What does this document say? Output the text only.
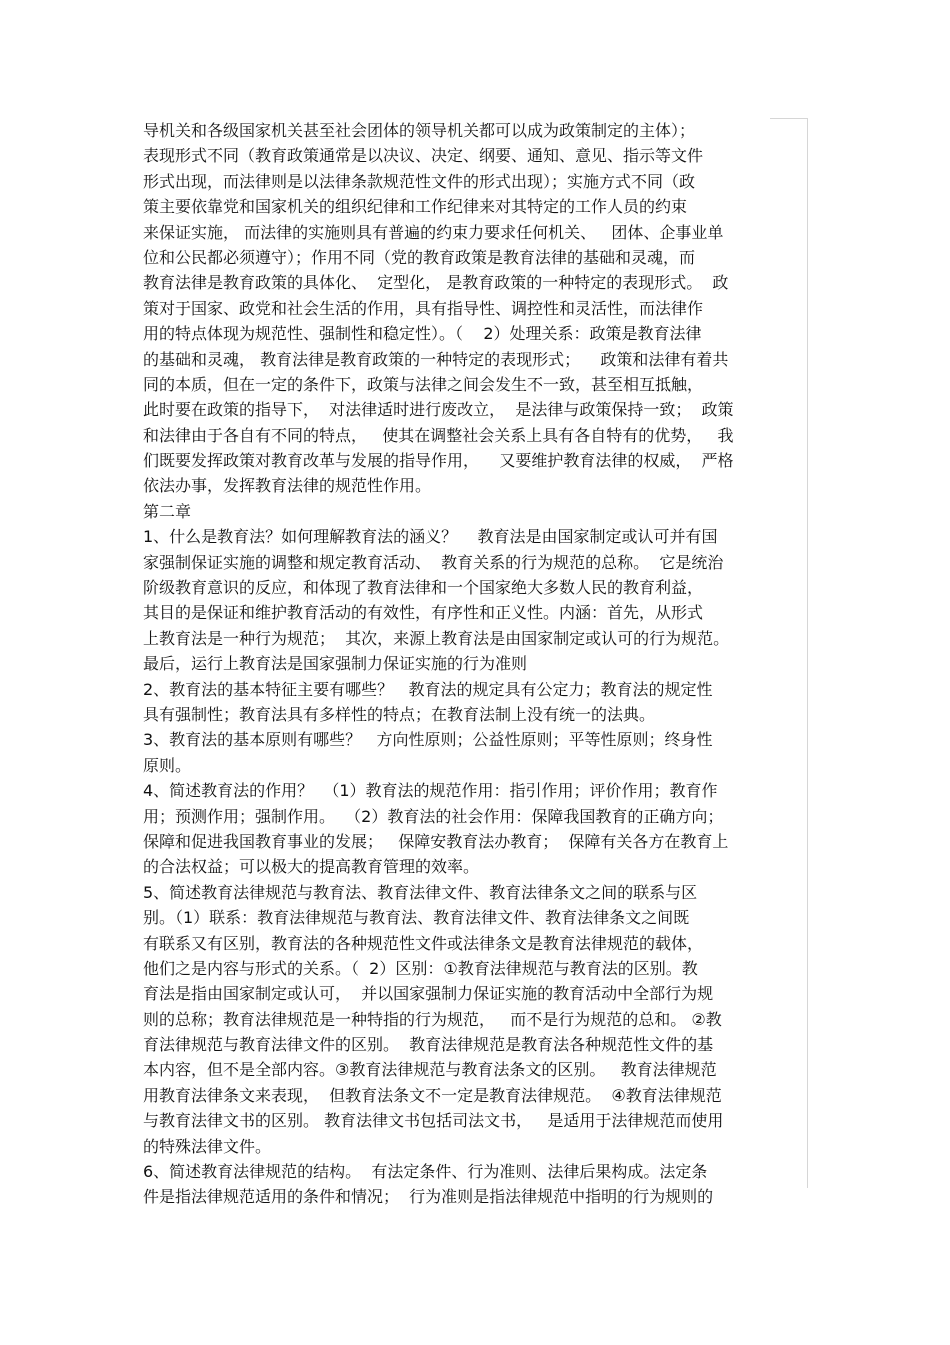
导机关和各级国家机关甚至社会团体的领导机关都可以成为政策制定的主体）；
表现形式不同（教育政策通常是以决议、决定、纲要、通知、意见、指示等文件
形式出现，而法律则是以法律条款规范性文件的形式出现）；实施方式不同（政
策主要依靠党和国家机关的组织纪律和工作纪律来对其特定的工作人员的约束
来保证实施， 而法律的实施则具有普遍的约束力要求任何机关、   团体、企事业单
位和公民都必须遵守）；作用不同（党的教育政策是教育法律的基础和灵魂，而
教育法律是教育政策的具体化、  定型化， 是教育政策的一种特定的表现形式。  政
策对于国家、政党和社会生活的作用，具有指导性、调控性和灵活性，而法律作
用的特点体现为规范性、强制性和稳定性）。（    2）处理关系：政策是教育法律
的基础和灵魂， 教育法律是教育政策的一种特定的表现形式；    政策和法律有着共
同的本质，但在一定的条件下，政策与法律之间会发生不一致，甚至相互抵触，
此时要在政策的指导下，  对法律适时进行废改立，  是法律与政策保持一致；  政策
和法律由于各自有不同的特点，   使其在调整社会关系上具有各自特有的优势，   我
们既要发挥政策对教育改革与发展的指导作用，    又要维护教育法律的权威，  严格
依法办事，发挥教育法律的规范性作用。
第二章
1、什么是教育法？如何理解教育法的涵义？    教育法是由国家制定或认可并有国
家强制保证实施的调整和规定教育活动、  教育关系的行为规范的总称。  它是统治
阶级教育意识的反应，和体现了教育法律和一个国家绝大多数人民的教育利益，
其目的是保证和维护教育活动的有效性，有序性和正义性。内涵：首先，从形式
上教育法是一种行为规范；  其次，来源上教育法是由国家制定或认可的行为规范。
最后，运行上教育法是国家强制力保证实施的行为准则
2、教育法的基本特征主要有哪些？   教育法的规定具有公定力；教育法的规定性
具有强制性；教育法具有多样性的特点；在教育法制上没有统一的法典。
3、教育法的基本原则有哪些？   方向性原则；公益性原则；平等性原则；终身性
原则。
4、简述教育法的作用？  （1）教育法的规范作用：指引作用；评价作用；教育作
用；预测作用；强制作用。  （2）教育法的社会作用：保障我国教育的正确方向；
保障和促进我国教育事业的发展；   保障安教育法办教育；  保障有关各方在教育上
的合法权益；可以极大的提高教育管理的效率。
5、简述教育法律规范与教育法、教育法律文件、教育法律条文之间的联系与区
别。（1）联系：教育法律规范与教育法、教育法律文件、教育法律条文之间既
有联系又有区别，教育法的各种规范性文件或法律条文是教育法律规范的载体，
他们之是内容与形式的关系。（  2）区别：①教育法律规范与教育法的区别。教
育法是指由国家制定或认可，  并以国家强制力保证实施的教育活动中全部行为规
则的总称；教育法律规范是一种特指的行为规范，   而不是行为规范的总和。 ②教
育法律规范与教育法律文件的区别。  教育法律规范是教育法各种规范性文件的基
本内容，但不是全部内容。③教育法律规范与教育法条文的区别。   教育法律规范
用教育法律条文来表现，  但教育法条文不一定是教育法律规范。  ④教育法律规范
与教育法律文书的区别。 教育法律文书包括司法文书，   是适用于法律规范而使用
的特殊法律文件。
6、简述教育法律规范的结构。  有法定条件、行为准则、法律后果构成。法定条
件是指法律规范适用的条件和情况；  行为准则是指法律规范中指明的行为规则的
